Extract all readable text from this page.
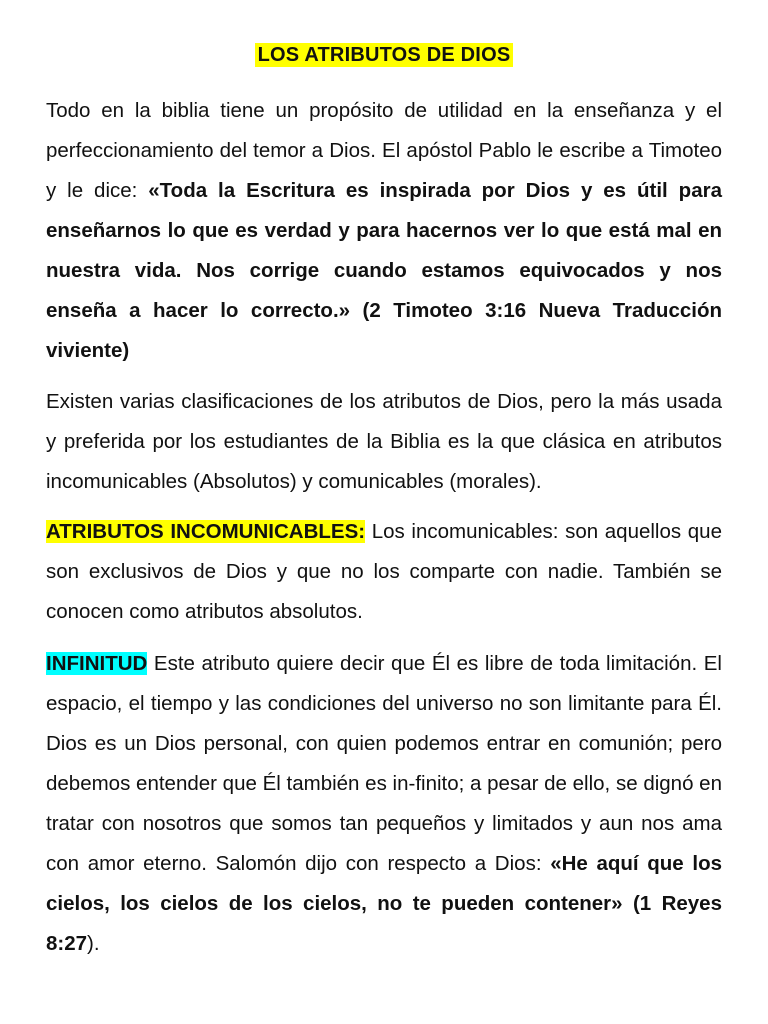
LOS ATRIBUTOS DE DIOS

Todo en la biblia tiene un propósito de utilidad en la enseñanza y el perfeccionamiento del temor a Dios. El apóstol Pablo le escribe a Timoteo y le dice: «Toda la Escritura es inspirada por Dios y es útil para enseñarnos lo que es verdad y para hacernos ver lo que está mal en nuestra vida. Nos corrige cuando estamos equivocados y nos enseña a hacer lo correcto.» (2 Timoteo 3:16 Nueva Traducción viviente)

Existen varias clasificaciones de los atributos de Dios, pero la más usada y preferida por los estudiantes de la Biblia es la que clásica en atributos incomunicables (Absolutos) y comunicables (morales).

ATRIBUTOS INCOMUNICABLES: Los incomunicables: son aquellos que son exclusivos de Dios y que no los comparte con nadie. También se conocen como atributos absolutos.

INFINITUD Este atributo quiere decir que Él es libre de toda limitación. El espacio, el tiempo y las condiciones del universo no son limitante para Él. Dios es un Dios personal, con quien podemos entrar en comunión; pero debemos entender que Él también es in-finito; a pesar de ello, se dignó en tratar con nosotros que somos tan pequeños y limitados y aun nos ama con amor eterno. Salomón dijo con respecto a Dios: «He aquí que los cielos, los cielos de los cielos, no te pueden contener» (1 Reyes 8:27).
